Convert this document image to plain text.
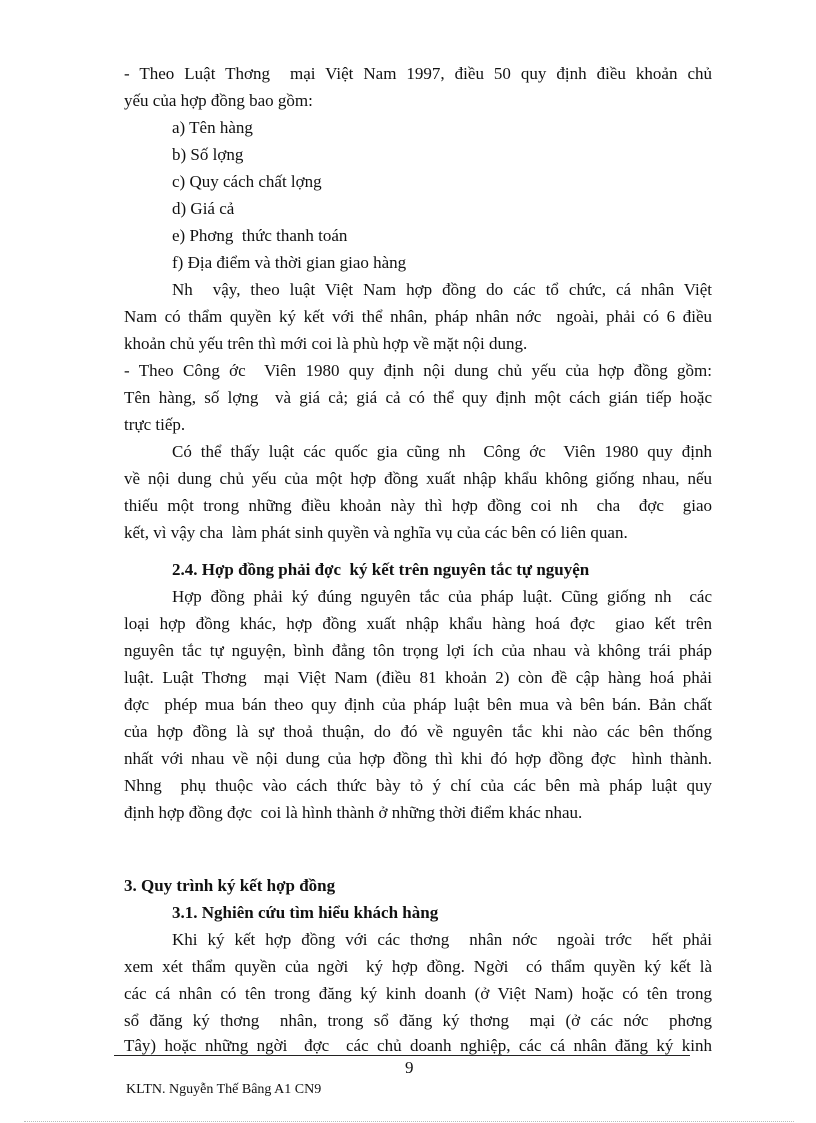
- Theo Luật Thơng  mại Việt Nam 1997, điều 50 quy định điều khoản chủ
yếu của hợp đồng bao gồm:
a) Tên hàng
b) Số lợng
c) Quy cách chất lợng
d) Giá cả
e) Phơng  thức thanh toán
f) Địa điểm và thời gian giao hàng
Nh  vậy, theo luật Việt Nam hợp đồng do các tổ chức, cá nhân Việt
Nam có thẩm quyền ký kết với thể nhân, pháp nhân nớc  ngoài, phải có 6 điều
khoản chủ yếu trên thì mới coi là phù hợp về mặt nội dung.
- Theo Công ớc  Viên 1980 quy định nội dung chủ yếu của hợp đồng gồm:
Tên hàng, số lợng  và giá cả; giá cả có thể quy định một cách gián tiếp hoặc
trực tiếp.
Có thể thấy luật các quốc gia cũng nh  Công ớc  Viên 1980 quy định
về nội dung chủ yếu của một hợp đồng xuất nhập khẩu không giống nhau, nếu
thiếu một trong những điều khoản này thì hợp đồng coi nh  cha  đợc  giao
kết, vì vậy cha  làm phát sinh quyền và nghĩa vụ của các bên có liên quan.
2.4. Hợp đồng phải đợc  ký kết trên nguyên tắc tự nguyện
Hợp đồng phải ký đúng nguyên tắc của pháp luật. Cũng giống nh  các
loại hợp đồng khác, hợp đồng xuất nhập khẩu hàng hoá đợc  giao kết trên
nguyên tắc tự nguyện, bình đẳng tôn trọng lợi ích của nhau và không trái pháp
luật. Luật Thơng  mại Việt Nam (điều 81 khoản 2) còn đề cập hàng hoá phải
đợc  phép mua bán theo quy định của pháp luật bên mua và bên bán. Bản chất
của hợp đồng là sự thoả thuận, do đó về nguyên tắc khi nào các bên thống
nhất với nhau về nội dung của hợp đồng thì khi đó hợp đồng đợc  hình thành.
Nhng  phụ thuộc vào cách thức bày tỏ ý chí của các bên mà pháp luật quy
định hợp đồng đợc  coi là hình thành ở những thời điểm khác nhau.
3. Quy trình ký kết hợp đồng
3.1. Nghiên cứu tìm hiểu khách hàng
Khi ký kết hợp đồng với các thơng  nhân nớc  ngoài trớc  hết phải
xem xét thẩm quyền của ngời  ký hợp đồng. Ngời  có thẩm quyền ký kết là
các cá nhân có tên trong đăng ký kinh doanh (ở Việt Nam) hoặc có tên trong
sổ đăng ký thơng  nhân, trong sổ đăng ký thơng  mại (ở các nớc  phơng
Tây) hoặc những ngời  đợc  các chủ doanh nghiệp, các cá nhân đăng ký kinh
9
KLTN. Nguyễn Thế Bâng A1 CN9
